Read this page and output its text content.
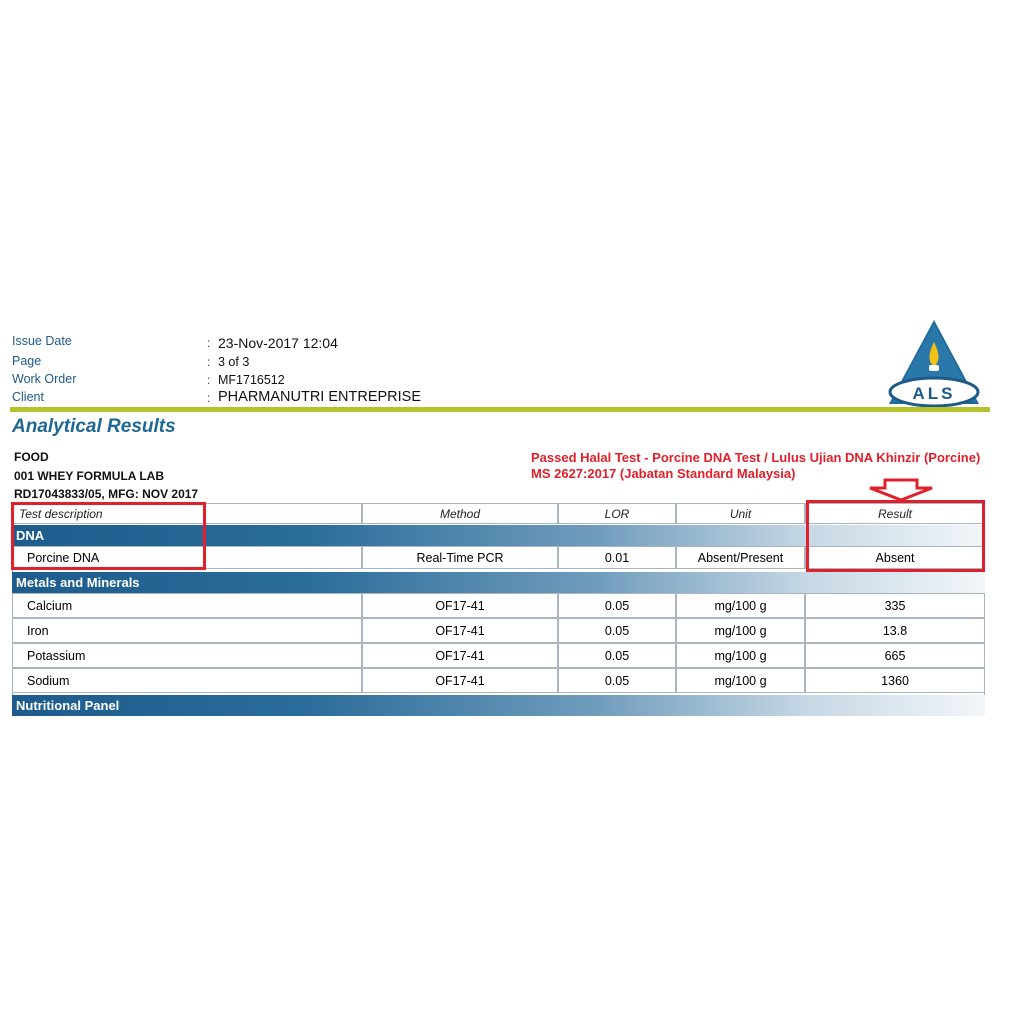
Issue Date	: 23-Nov-2017 12:04
Page	: 3 of 3
Work Order	: MF1716512
Client	: PHARMANUTRI ENTREPRISE	ALS
Analytical Results
FOOD
001 WHEY FORMULA LAB
RD17043833/05, MFG: NOV 2017
Passed Halal Test - Porcine DNA Test / Lulus Ujian DNA Khinzir (Porcine)
MS 2627:2017 (Jabatan Standard Malaysia)
Test description	Method	LOR	Unit	Result
DNA
Porcine DNA	Real-Time PCR	0.01	Absent/Present	Absent
Metals and Minerals
Calcium	OF17-41	0.05	mg/100 g	335
Iron	OF17-41	0.05	mg/100 g	13.8
Potassium	OF17-41	0.05	mg/100 g	665
Sodium	OF17-41	0.05	mg/100 g	1360
Nutritional Panel
